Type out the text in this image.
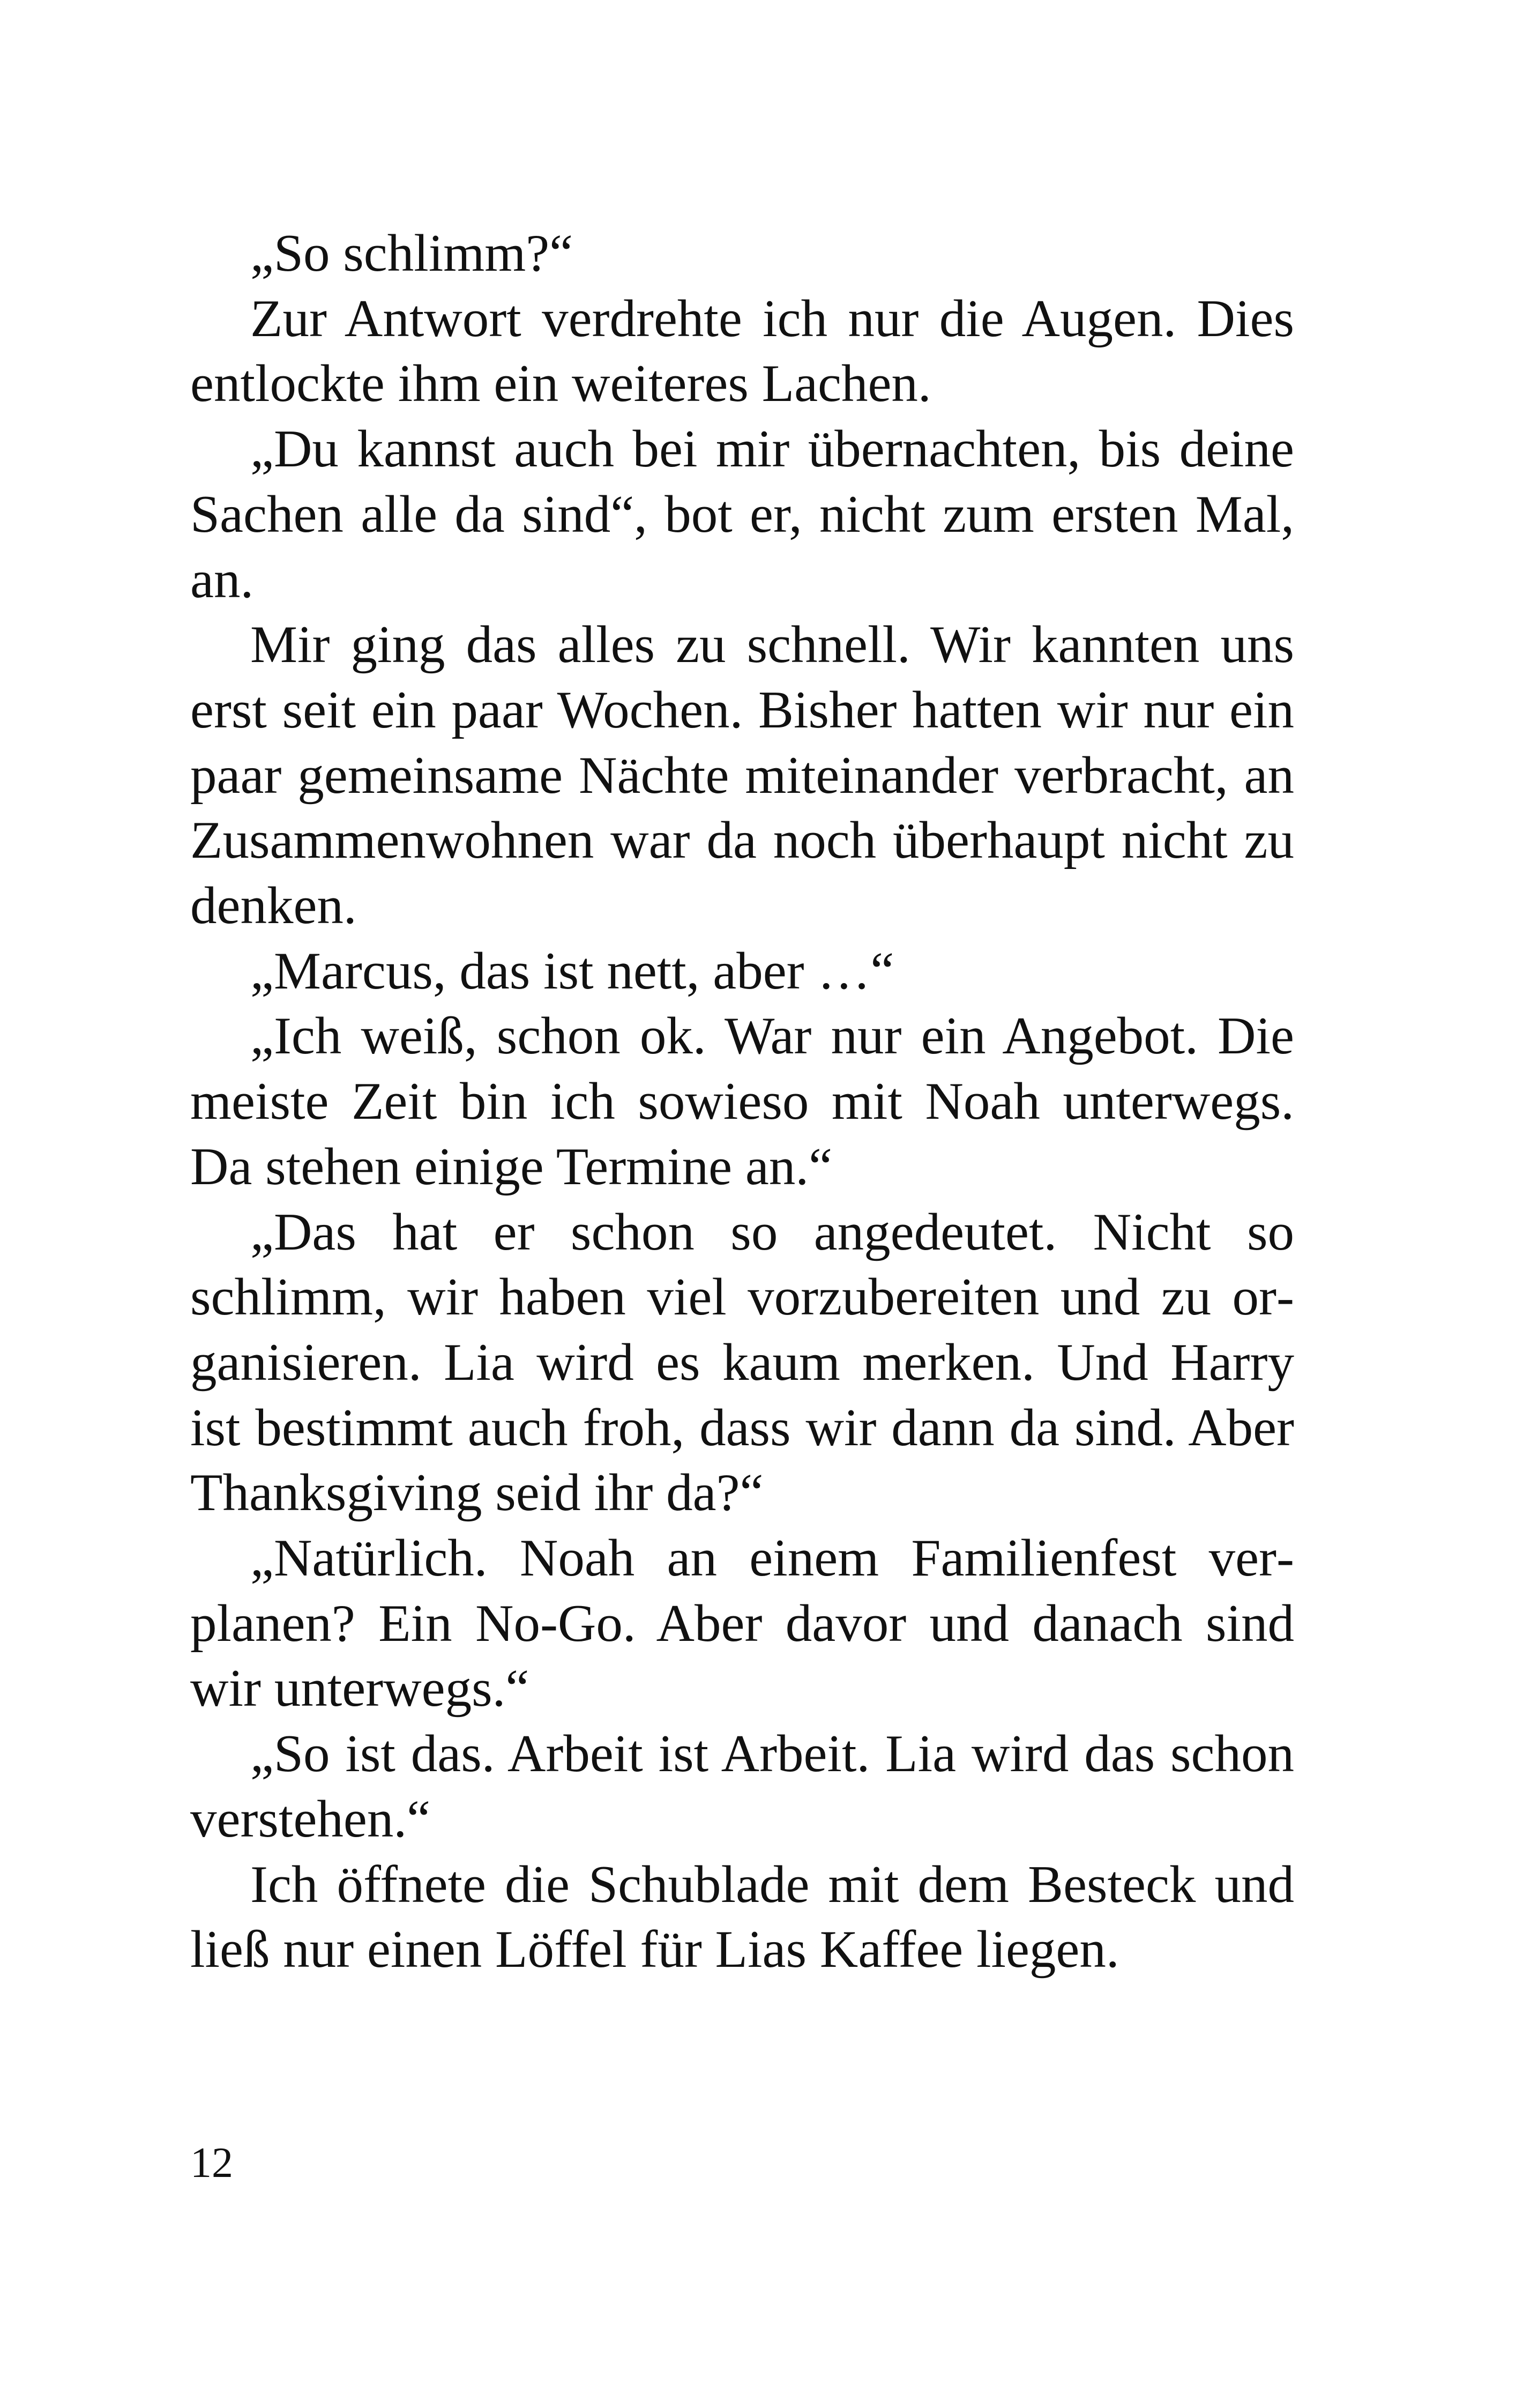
„So schlimm?“

Zur Antwort verdrehte ich nur die Augen. Dies entlockte ihm ein weiteres Lachen.

„Du kannst auch bei mir übernachten, bis deine Sachen alle da sind“, bot er, nicht zum ersten Mal, an.

Mir ging das alles zu schnell. Wir kannten uns erst seit ein paar Wochen. Bisher hatten wir nur ein paar gemeinsame Nächte miteinander verbracht, an Zusammenwohnen war da noch überhaupt nicht zu denken.

„Marcus, das ist nett, aber …“

„Ich weiß, schon ok. War nur ein Angebot. Die meiste Zeit bin ich sowieso mit Noah unterwegs. Da stehen einige Termine an.“

„Das hat er schon so angedeutet. Nicht so schlimm, wir haben viel vorzubereiten und zu organisieren. Lia wird es kaum merken. Und Harry ist bestimmt auch froh, dass wir dann da sind. Aber Thanksgiving seid ihr da?“

„Natürlich. Noah an einem Familienfest verplanen? Ein No-Go. Aber davor und danach sind wir unterwegs.“

„So ist das. Arbeit ist Arbeit. Lia wird das schon verstehen.“

Ich öffnete die Schublade mit dem Besteck und ließ nur einen Löffel für Lias Kaffee liegen.

12
